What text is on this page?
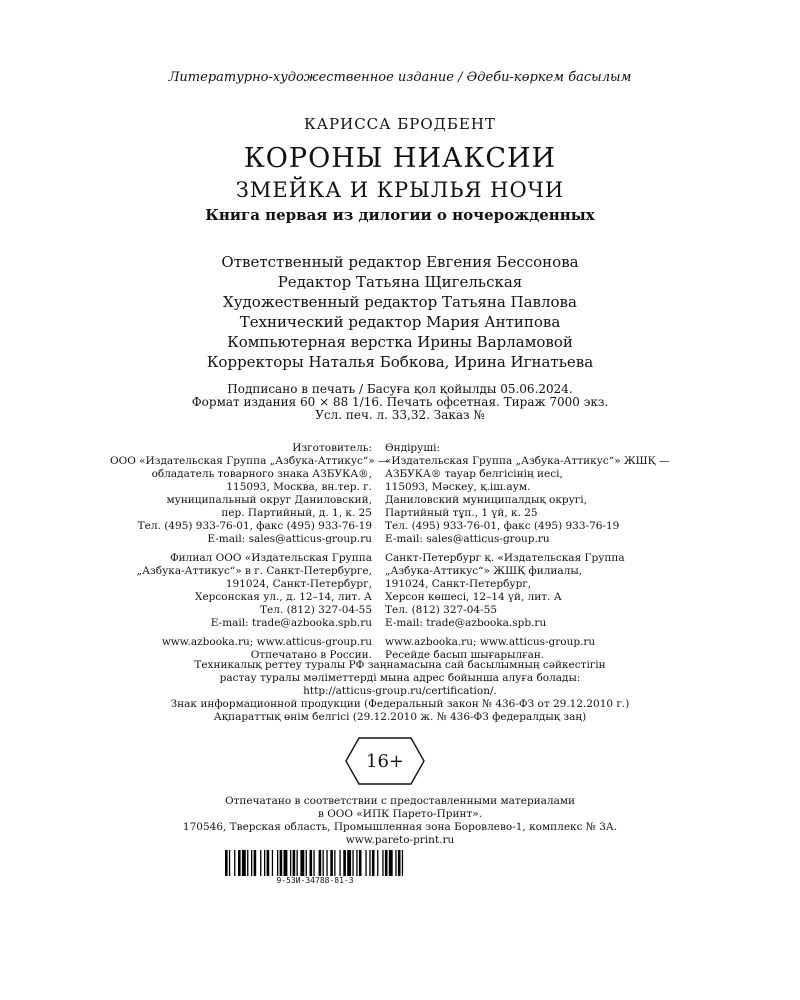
Литературно-художественное издание / Әдеби-көркем басылым
КАРИССА БРОДБЕНТ
КОРОНЫ НИАКСИИ
ЗМЕЙКА И КРЫЛЬЯ НОЧИ
Книга первая из дилогии о ночерожденных
Ответственный редактор Евгения Бессонова
Редактор Татьяна Щигельская
Художественный редактор Татьяна Павлова
Технический редактор Мария Антипова
Компьютерная верстка Ирины Варламовой
Корректоры Наталья Бобкова, Ирина Игнатьева
Подписано в печать / Басуға қол қойылды 05.06.2024.
Формат издания 60 × 88 1/16. Печать офсетная. Тираж 7000 экз.
Усл. печ. л. 33,32. Заказ №
Изготовитель:
ООО «Издательская Группа „Азбука-Аттикус“» —
обладатель товарного знака АЗБУКА®,
115093, Москва, вн.тер. г.
муниципальный округ Даниловский,
пер. Партийный, д. 1, к. 25
Тел. (495) 933-76-01, факс (495) 933-76-19
E-mail: sales@atticus-group.ru
Филиал ООО «Издательская Группа
„Азбука-Аттикус“» в г. Санкт-Петербурге,
191024, Санкт-Петербург,
Херсонская ул., д. 12–14, лит. А
Тел. (812) 327-04-55
E-mail: trade@azbooka.spb.ru
www.azbooka.ru; www.atticus-group.ru
Отпечатано в России.
Өндіруші:
«Издательская Группа „Азбука-Аттикус“» ЖШҚ —
АЗБУКА® тауар белгісінің иесі,
115093, Мәскеу, қ.іш.аум.
Даниловский муниципалдық округі,
Партийный тұп., 1 үй, к. 25
Тел. (495) 933-76-01, факс (495) 933-76-19
E-mail: sales@atticus-group.ru
Санкт-Петербург қ. «Издательская Группа
„Азбука-Аттикус“» ЖШҚ филиалы,
191024, Санкт-Петербург,
Херсон көшесі, 12–14 үй, лит. А
Тел. (812) 327-04-55
E-mail: trade@azbooka.spb.ru
www.azbooka.ru; www.atticus-group.ru
Ресейде басып шығарылған.
Техникалық реттеу туралы РФ заңнамасына сай басылымның сәйкестігін
растау туралы мәліметтерді мына адрес бойынша алуға болады:
http://atticus-group.ru/certification/.
Знак информационной продукции (Федеральный закон № 436-ФЗ от 29.12.2010 г.)
Ақпараттық өнім белгісі (29.12.2010 ж. № 436-ФЗ федералдық заң)
16+
Отпечатано в соответствии с предоставленными материалами
в ООО «ИПК Парето-Принт».
170546, Тверская область, Промышленная зона Боровлево-1, комплекс № 3А.
www.pareto-print.ru
9-53И-34788-81-3
